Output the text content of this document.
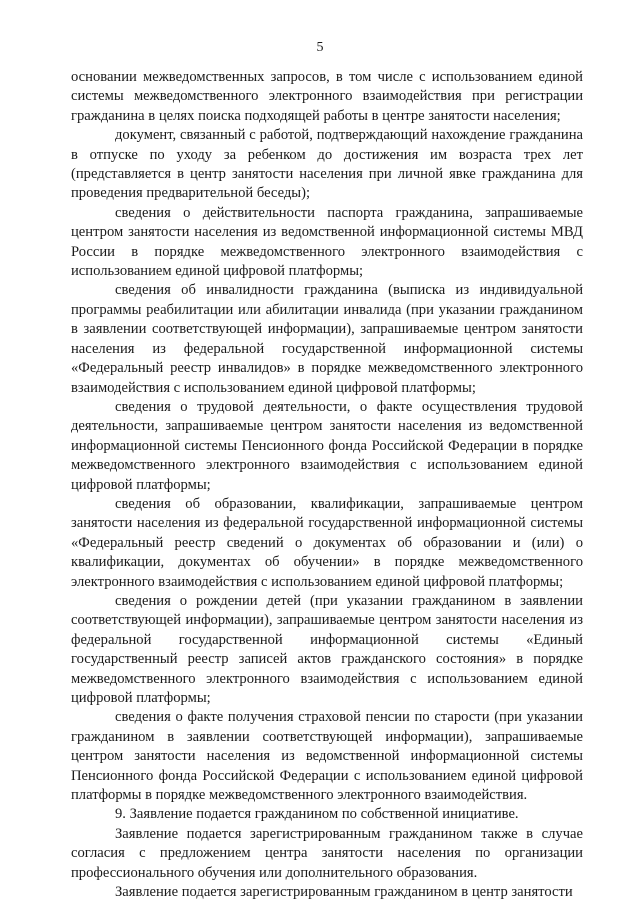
5

основании межведомственных запросов, в том числе с использованием единой системы межведомственного электронного взаимодействия при регистрации гражданина в целях поиска подходящей работы в центре занятости населения;

документ, связанный с работой, подтверждающий нахождение гражданина в отпуске по уходу за ребенком до достижения им возраста трех лет (представляется в центр занятости населения при личной явке гражданина для проведения предварительной беседы);

сведения о действительности паспорта гражданина, запрашиваемые центром занятости населения из ведомственной информационной системы МВД России в порядке межведомственного электронного взаимодействия с использованием единой цифровой платформы;

сведения об инвалидности гражданина (выписка из индивидуальной программы реабилитации или абилитации инвалида (при указании гражданином в заявлении соответствующей информации), запрашиваемые центром занятости населения из федеральной государственной информационной системы «Федеральный реестр инвалидов» в порядке межведомственного электронного взаимодействия с использованием единой цифровой платформы;

сведения о трудовой деятельности, о факте осуществления трудовой деятельности, запрашиваемые центром занятости населения из ведомственной информационной системы Пенсионного фонда Российской Федерации в порядке межведомственного электронного взаимодействия с использованием единой цифровой платформы;

сведения об образовании, квалификации, запрашиваемые центром занятости населения из федеральной государственной информационной системы «Федеральный реестр сведений о документах об образовании и (или) о квалификации, документах об обучении» в порядке межведомственного электронного взаимодействия с использованием единой цифровой платформы;

сведения о рождении детей (при указании гражданином в заявлении соответствующей информации), запрашиваемые центром занятости населения из федеральной государственной информационной системы «Единый государственный реестр записей актов гражданского состояния» в порядке межведомственного электронного взаимодействия с использованием единой цифровой платформы;

сведения о факте получения страховой пенсии по старости (при указании гражданином в заявлении соответствующей информации), запрашиваемые центром занятости населения из ведомственной информационной системы Пенсионного фонда Российской Федерации с использованием единой цифровой платформы в порядке межведомственного электронного взаимодействия.

9. Заявление подается гражданином по собственной инициативе.

Заявление подается зарегистрированным гражданином также в случае согласия с предложением центра занятости населения по организации профессионального обучения или дополнительного образования.

Заявление подается зарегистрированным гражданином в центр занятости
